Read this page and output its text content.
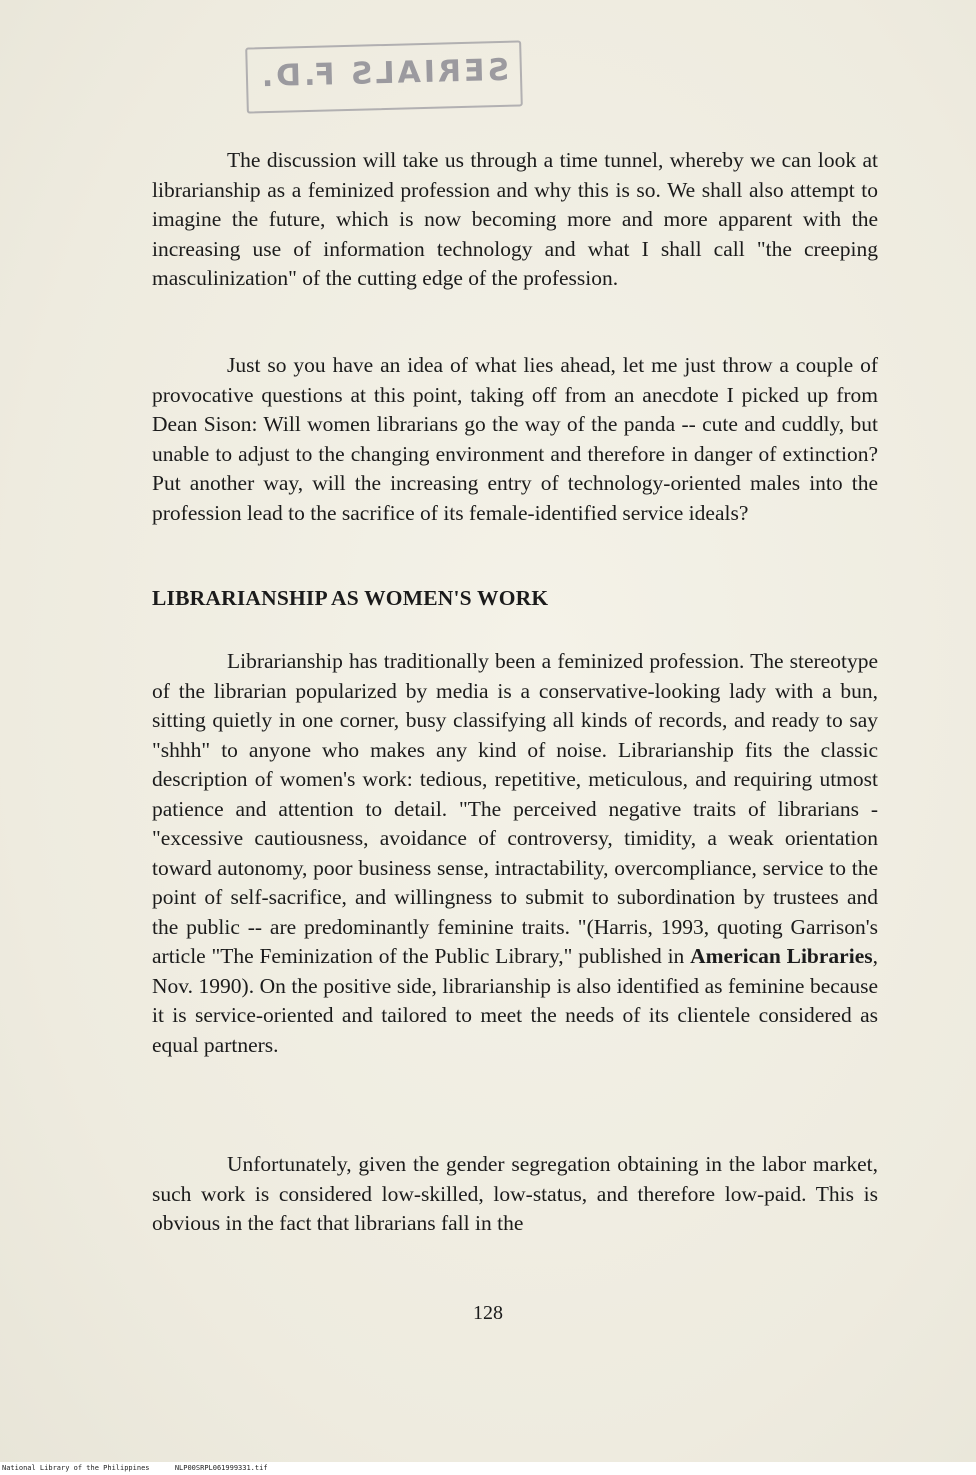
SERIALS F.D.

The discussion will take us through a time tunnel, whereby we can look at librarianship as a feminized profession and why this is so. We shall also attempt to imagine the future, which is now becoming more and more apparent with the increasing use of information technology and what I shall call "the creeping masculinization" of the cutting edge of the profession.

Just so you have an idea of what lies ahead, let me just throw a couple of provocative questions at this point, taking off from an anecdote I picked up from Dean Sison: Will women librarians go the way of the panda -- cute and cuddly, but unable to adjust to the changing environment and therefore in danger of extinction? Put another way, will the increasing entry of technology-oriented males into the profession lead to the sacrifice of its female-identified service ideals?

LIBRARIANSHIP AS WOMEN'S WORK

Librarianship has traditionally been a feminized profession. The stereotype of the librarian popularized by media is a conservative-looking lady with a bun, sitting quietly in one corner, busy classifying all kinds of records, and ready to say "shhh" to anyone who makes any kind of noise. Librarianship fits the classic description of women's work: tedious, repetitive, meticulous, and requiring utmost patience and attention to detail. "The perceived negative traits of librarians - "excessive cautiousness, avoidance of controversy, timidity, a weak orientation toward autonomy, poor business sense, intractability, overcompliance, service to the point of self-sacrifice, and willingness to submit to subordination by trustees and the public -- are predominantly feminine traits. "(Harris, 1993, quoting Garrison's article "The Feminization of the Public Library," published in American Libraries, Nov. 1990). On the positive side, librarianship is also identified as feminine because it is service-oriented and tailored to meet the needs of its clientele considered as equal partners.

Unfortunately, given the gender segregation obtaining in the labor market, such work is considered low-skilled, low-status, and therefore low-paid. This is obvious in the fact that librarians fall in the

128
National Library of the Philippines	NLP00SRPL061999331.tif
